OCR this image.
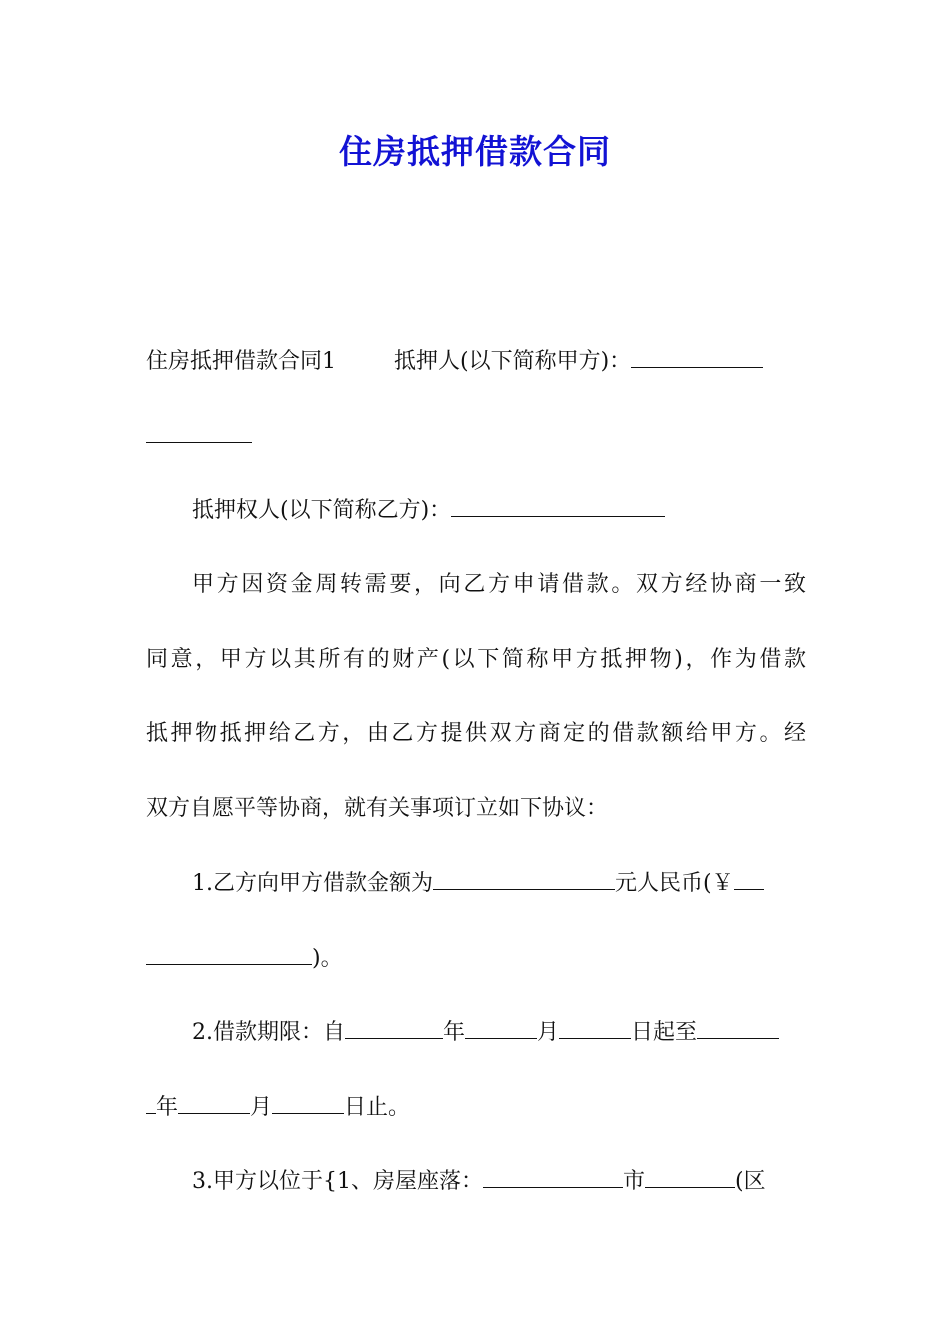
住房抵押借款合同
住房抵押借款合同1	抵押人(以下简称甲方)：
抵押权人(以下简称乙方)：
甲方因资金周转需要，向乙方申请借款。双方经协商一致
同意，甲方以其所有的财产(以下简称甲方抵押物)，作为借款
抵押物抵押给乙方，由乙方提供双方商定的借款额给甲方。经
双方自愿平等协商，就有关事项订立如下协议：
1.乙方向甲方借款金额为	元人民币(￥
)。
2.借款期限：自	年	月	日起至
年	月	日止。
3.甲方以位于{1、房屋座落：	市	(区
